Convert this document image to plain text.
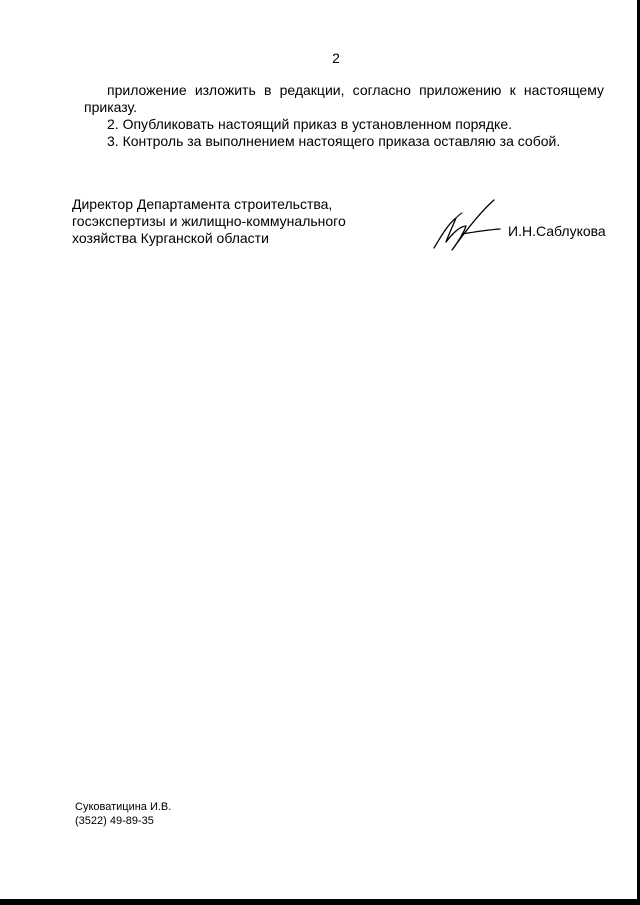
2

приложение изложить в редакции, согласно приложению к настоящему приказу.

2. Опубликовать настоящий приказ в установленном порядке.

3. Контроль за выполнением настоящего приказа оставляю за собой.

Директор Департамента строительства,
госэкспертизы и жилищно-коммунального
хозяйства Курганской области	И.Н.Саблукова
Суковатицина И.В.
(3522) 49-89-35
